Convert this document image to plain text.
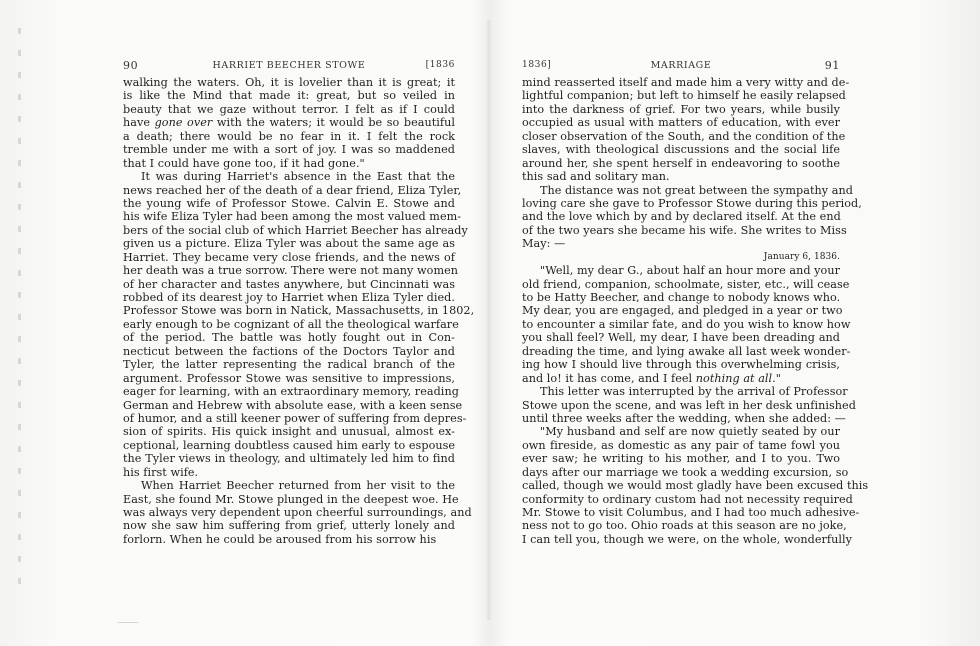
90	HARRIET BEECHER STOWE	[1836	1836]	MARRIAGE	91
walking the waters. Oh, it is lovelier than it is great; it
is like the Mind that made it: great, but so veiled in
beauty that we gaze without terror. I felt as if I could
have gone over with the waters; it would be so beautiful
a death; there would be no fear in it. I felt the rock
tremble under me with a sort of joy. I was so maddened
that I could have gone too, if it had gone."
It was during Harriet's absence in the East that the
news reached her of the death of a dear friend, Eliza Tyler,
the young wife of Professor Stowe. Calvin E. Stowe and
his wife Eliza Tyler had been among the most valued mem-
bers of the social club of which Harriet Beecher has already
given us a picture. Eliza Tyler was about the same age as
Harriet. They became very close friends, and the news of
her death was a true sorrow. There were not many women
of her character and tastes anywhere, but Cincinnati was
robbed of its dearest joy to Harriet when Eliza Tyler died.
Professor Stowe was born in Natick, Massachusetts, in 1802,
early enough to be cognizant of all the theological warfare
of the period. The battle was hotly fought out in Con-
necticut between the factions of the Doctors Taylor and
Tyler, the latter representing the radical branch of the
argument. Professor Stowe was sensitive to impressions,
eager for learning, with an extraordinary memory, reading
German and Hebrew with absolute ease, with a keen sense
of humor, and a still keener power of suffering from depres-
sion of spirits. His quick insight and unusual, almost ex-
ceptional, learning doubtless caused him early to espouse
the Tyler views in theology, and ultimately led him to find
his first wife.
When Harriet Beecher returned from her visit to the
East, she found Mr. Stowe plunged in the deepest woe. He
was always very dependent upon cheerful surroundings, and
now she saw him suffering from grief, utterly lonely and
forlorn. When he could be aroused from his sorrow his
mind reasserted itself and made him a very witty and de-
lightful companion; but left to himself he easily relapsed
into the darkness of grief. For two years, while busily
occupied as usual with matters of education, with ever
closer observation of the South, and the condition of the
slaves, with theological discussions and the social life
around her, she spent herself in endeavoring to soothe
this sad and solitary man.
The distance was not great between the sympathy and
loving care she gave to Professor Stowe during this period,
and the love which by and by declared itself. At the end
of the two years she became his wife. She writes to Miss
May: —
January 6, 1836.
"Well, my dear G., about half an hour more and your
old friend, companion, schoolmate, sister, etc., will cease
to be Hatty Beecher, and change to nobody knows who.
My dear, you are engaged, and pledged in a year or two
to encounter a similar fate, and do you wish to know how
you shall feel? Well, my dear, I have been dreading and
dreading the time, and lying awake all last week wonder-
ing how I should live through this overwhelming crisis,
and lo! it has come, and I feel nothing at all."
This letter was interrupted by the arrival of Professor
Stowe upon the scene, and was left in her desk unfinished
until three weeks after the wedding, when she added: —
"My husband and self are now quietly seated by our
own fireside, as domestic as any pair of tame fowl you
ever saw; he writing to his mother, and I to you. Two
days after our marriage we took a wedding excursion, so
called, though we would most gladly have been excused this
conformity to ordinary custom had not necessity required
Mr. Stowe to visit Columbus, and I had too much adhesive-
ness not to go too. Ohio roads at this season are no joke,
I can tell you, though we were, on the whole, wonderfully
